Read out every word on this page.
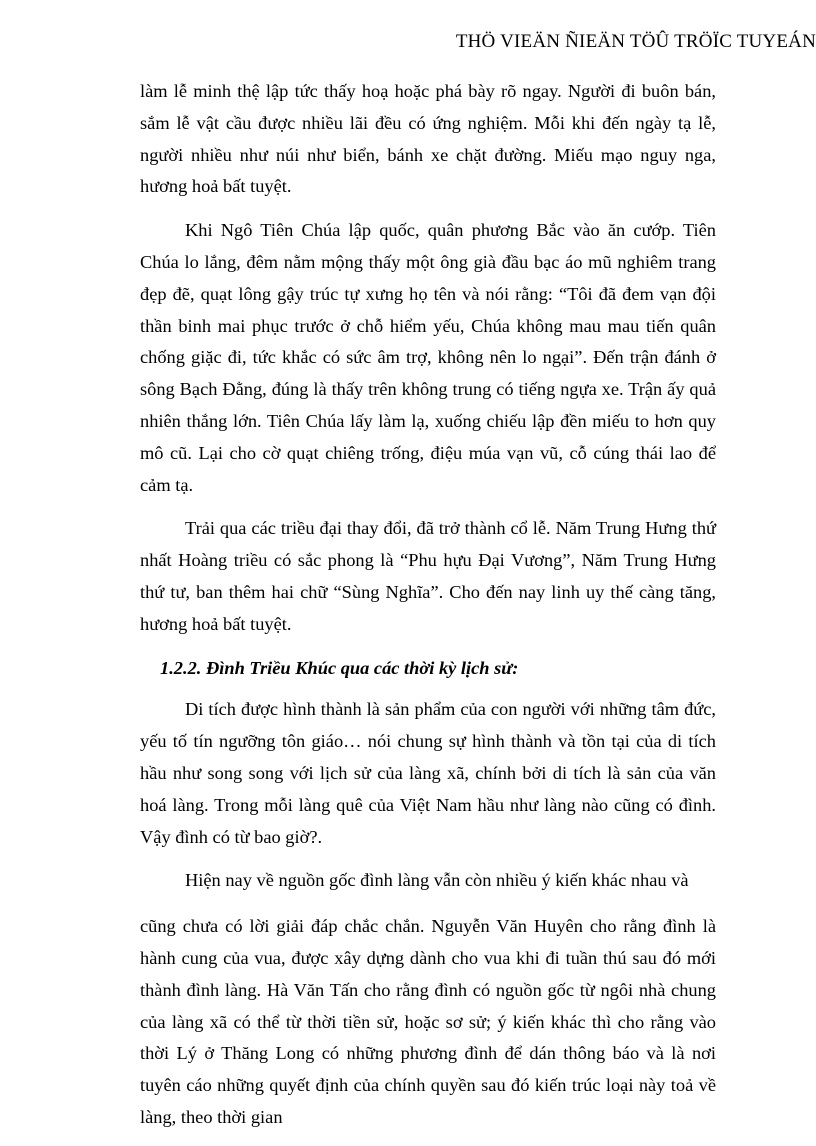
THÖ VIEÄN ÑIEÄN TÖÛ TRÖÏC TUYEÁN

làm lễ minh thệ lập tức thấy hoạ hoặc phá bày rõ ngay. Người đi buôn bán, sắm lễ vật cầu được nhiều lãi đều có ứng nghiệm. Mỗi khi đến ngày tạ lễ, người nhiều như núi như biển, bánh xe chặt đường. Miếu mạo nguy nga, hương hoả bất tuyệt.

Khi Ngô Tiên Chúa lập quốc, quân phương Bắc vào ăn cướp. Tiên Chúa lo lắng, đêm nằm mộng thấy một ông già đầu bạc áo mũ nghiêm trang đẹp đẽ, quạt lông gậy trúc tự xưng họ tên và nói rằng: “Tôi đã đem vạn đội thần binh mai phục trước ở chỗ hiểm yếu, Chúa không mau mau tiến quân chống giặc đi, tức khắc có sức âm trợ, không nên lo ngại”. Đến trận đánh ở sông Bạch Đằng, đúng là thấy trên không trung có tiếng ngựa xe. Trận ấy quả nhiên thắng lớn. Tiên Chúa lấy làm lạ, xuống chiếu lập đền miếu to hơn quy mô cũ. Lại cho cờ quạt chiêng trống, điệu múa vạn vũ, cỗ cúng thái lao để cảm tạ.

Trải qua các triều đại thay đổi, đã trở thành cổ lễ. Năm Trung Hưng thứ nhất Hoàng triều có sắc phong là “Phu hựu Đại Vương”, Năm Trung Hưng thứ tư, ban thêm hai chữ “Sùng Nghĩa”. Cho đến nay linh uy thế càng tăng, hương hoả bất tuyệt.

1.2.2. Đình Triều Khúc qua các thời kỳ lịch sử:

Di tích được hình thành là sản phẩm của con người với những tâm đức, yếu tố tín ngưỡng tôn giáo… nói chung sự hình thành và tồn tại của di tích hầu như song song với lịch sử của làng xã, chính bởi di tích là sản của văn hoá làng. Trong mỗi làng quê của Việt Nam hầu như làng nào cũng có đình. Vậy đình có từ bao giờ?.

Hiện nay về nguồn gốc đình làng vẫn còn nhiều ý kiến khác nhau và

cũng chưa có lời giải đáp chắc chắn. Nguyễn Văn Huyên cho rằng đình là hành cung của vua, được xây dựng dành cho vua khi đi tuần thú sau đó mới thành đình làng. Hà Văn Tấn cho rằng đình có nguồn gốc từ ngôi nhà chung của làng xã có thể từ thời tiền sử, hoặc sơ sử; ý kiến khác thì cho rằng vào thời Lý ở Thăng Long có những phương đình để dán thông báo và là nơi tuyên cáo những quyết định của chính quyền sau đó kiến trúc loại này toả về làng, theo thời gian
